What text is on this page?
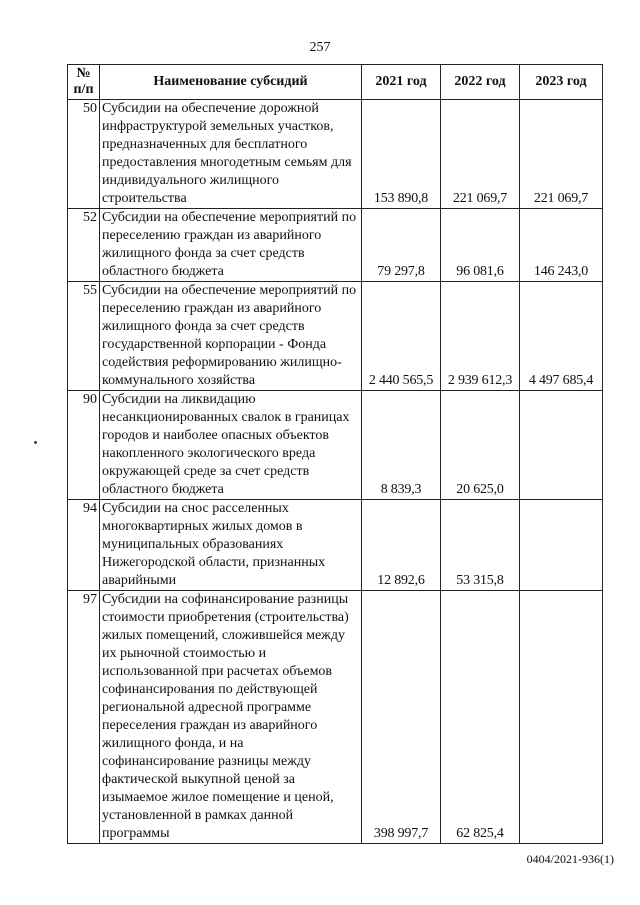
257
№ п/п	Наименование субсидий	2021 год	2022 год	2023 год
50	Субсидии на обеспечение дорожной инфраструктурой земельных участков, предназначенных для бесплатного предоставления многодетным семьям для индивидуального жилищного строительства	153 890,8	221 069,7	221 069,7
52	Субсидии на обеспечение мероприятий по переселению граждан из аварийного жилищного фонда за счет средств областного бюджета	79 297,8	96 081,6	146 243,0
55	Субсидии на обеспечение мероприятий по переселению граждан из аварийного жилищного фонда за счет средств государственной корпорации - Фонда содействия реформированию жилищно-коммунального хозяйства	2 440 565,5	2 939 612,3	4 497 685,4
90	Субсидии на ликвидацию несанкционированных свалок в границах городов и наиболее опасных объектов накопленного экологического вреда окружающей среде за счет средств областного бюджета	8 839,3	20 625,0	
94	Субсидии на снос расселенных многоквартирных жилых домов в муниципальных образованиях Нижегородской области, признанных аварийными	12 892,6	53 315,8	
97	Субсидии на софинансирование разницы стоимости приобретения (строительства) жилых помещений, сложившейся между их рыночной стоимостью и использованной при расчетах объемов софинансирования по действующей региональной адресной программе переселения граждан из аварийного жилищного фонда, и на софинансирование разницы между фактической выкупной ценой за изымаемое жилое помещение и ценой, установленной в рамках данной программы	398 997,7	62 825,4	
0404/2021-936(1)
